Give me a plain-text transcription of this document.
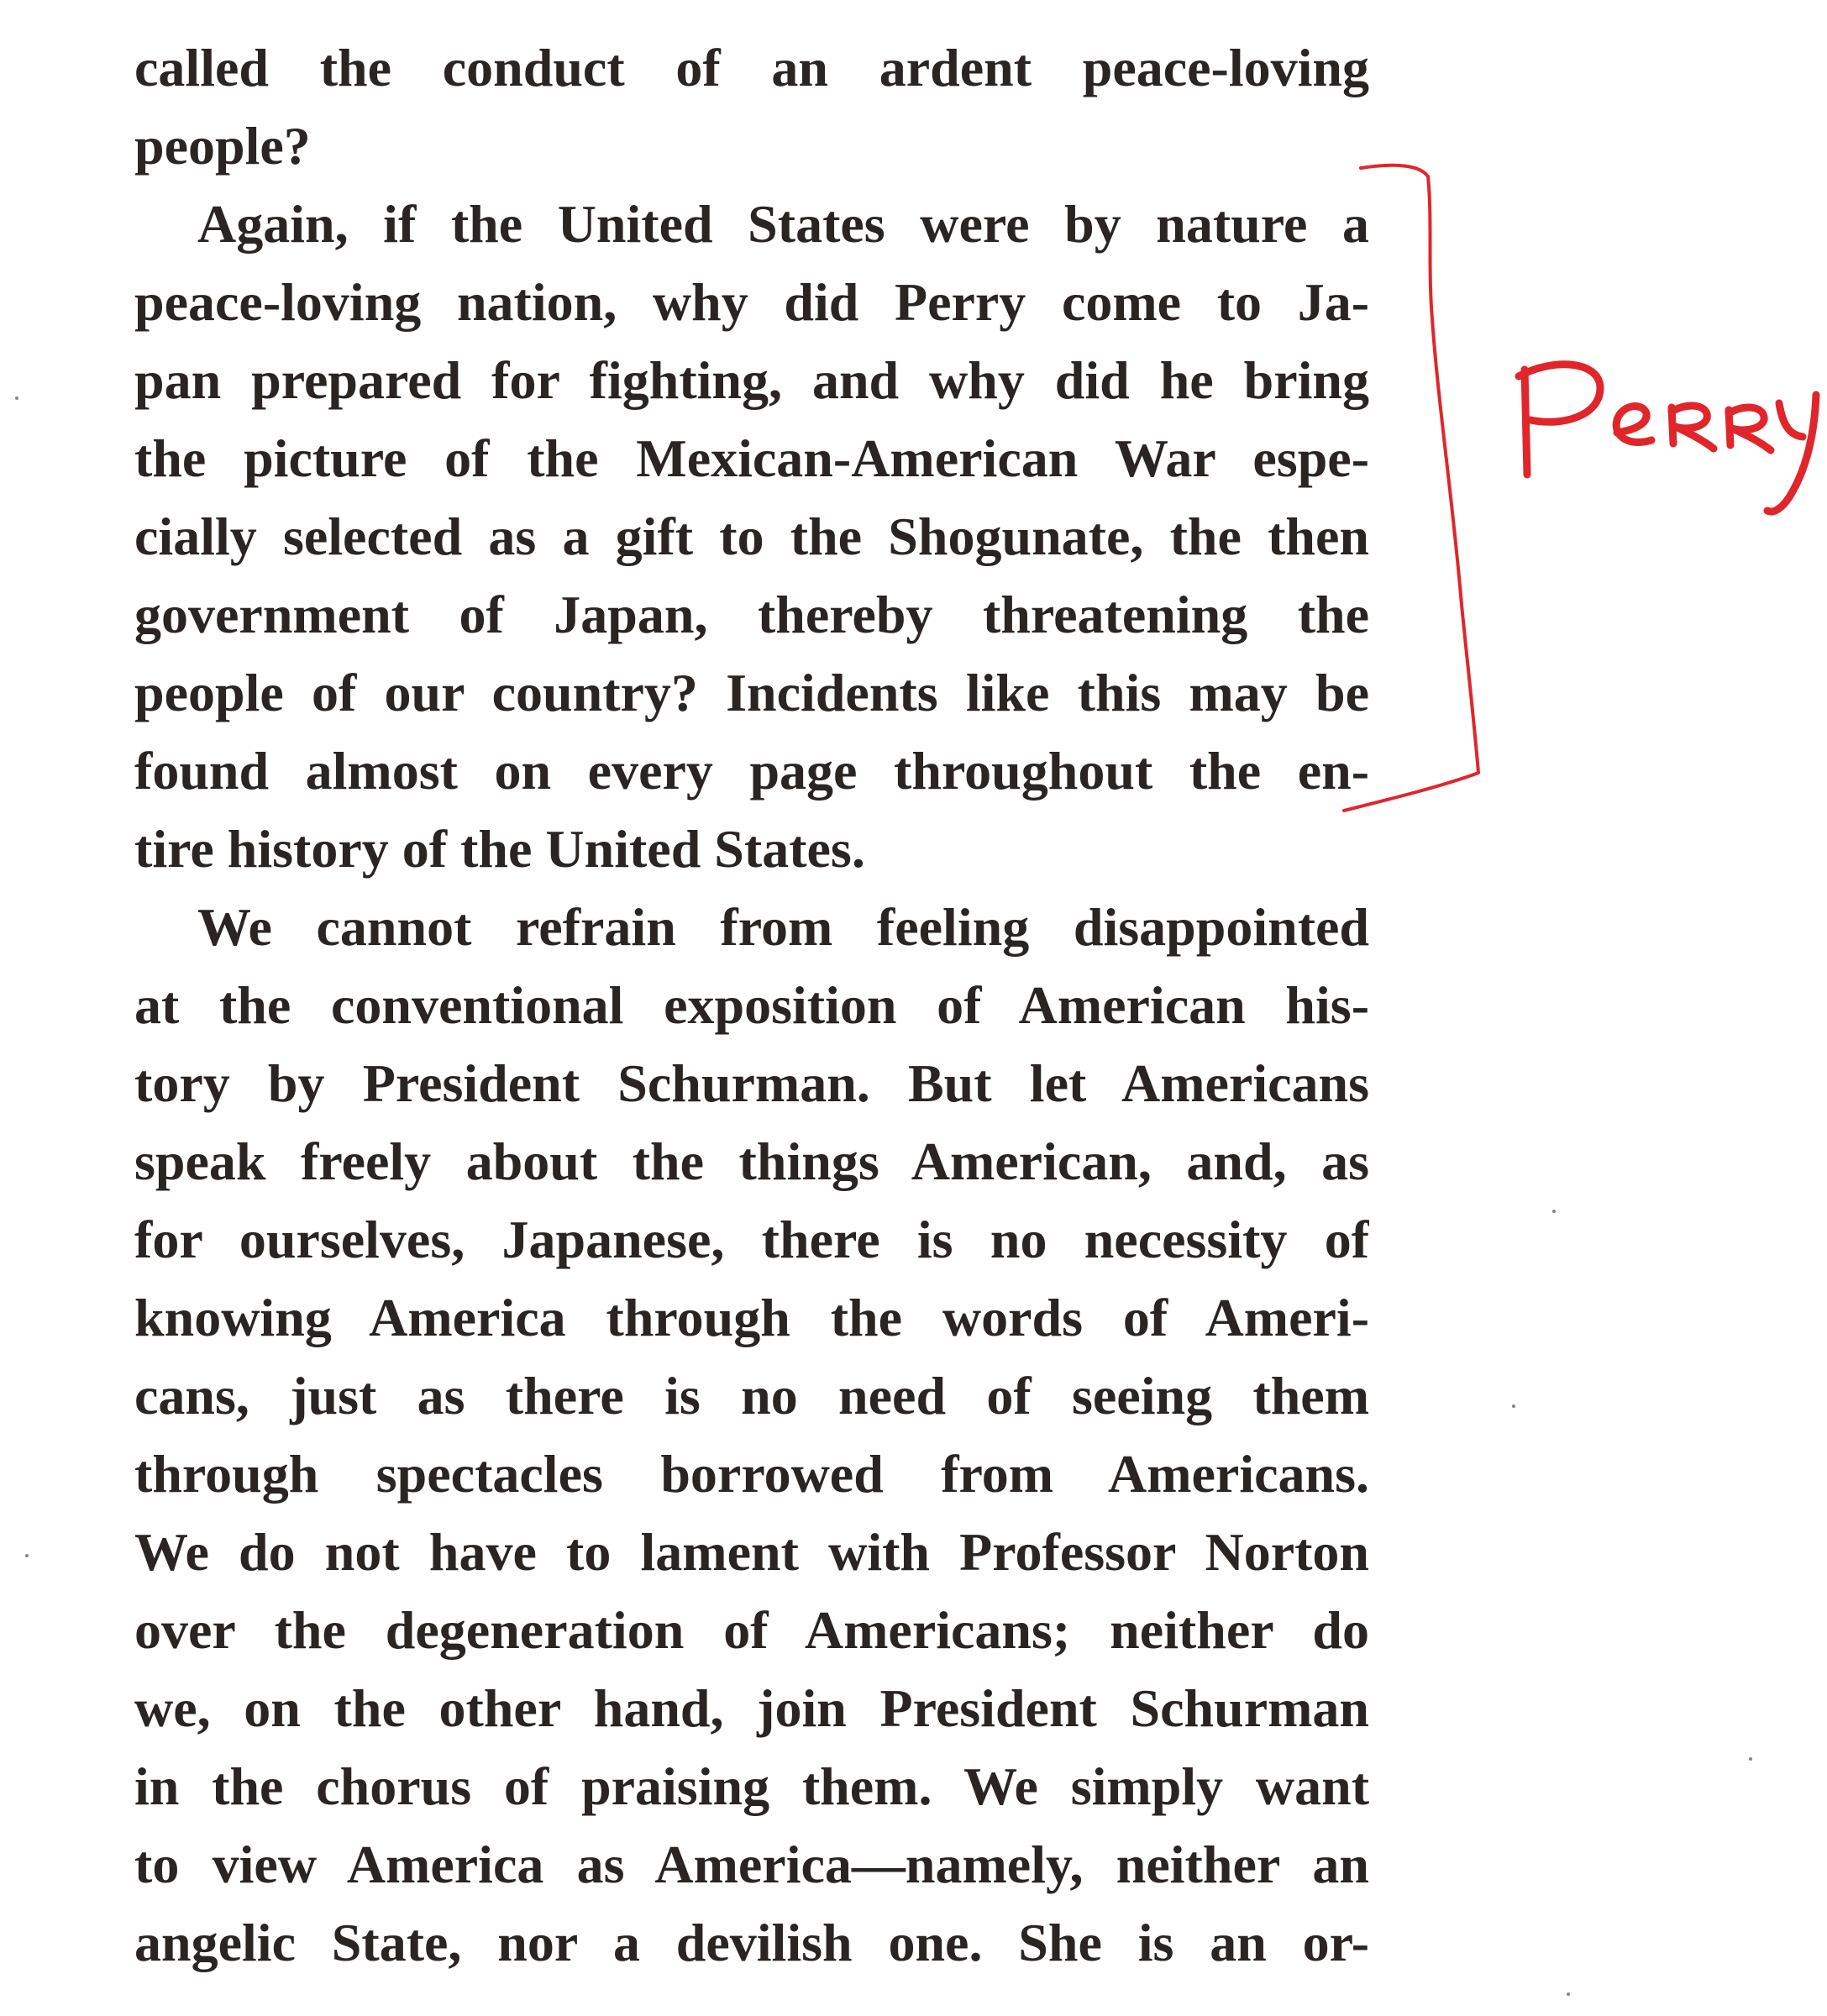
called the conduct of an ardent peace-loving
people?
Again, if the United States were by nature a
peace-loving nation, why did Perry come to Ja-
pan prepared for fighting, and why did he bring
the picture of the Mexican-American War espe-
cially selected as a gift to the Shogunate, the then
government of Japan, thereby threatening the
people of our country? Incidents like this may be
found almost on every page throughout the en-
tire history of the United States.
We cannot refrain from feeling disappointed
at the conventional exposition of American his-
tory by President Schurman. But let Americans
speak freely about the things American, and, as
for ourselves, Japanese, there is no necessity of
knowing America through the words of Ameri-
cans, just as there is no need of seeing them
through spectacles borrowed from Americans.
We do not have to lament with Professor Norton
over the degeneration of Americans; neither do
we, on the other hand, join President Schurman
in the chorus of praising them. We simply want
to view America as America—namely, neither an
angelic State, nor a devilish one. She is an or-
